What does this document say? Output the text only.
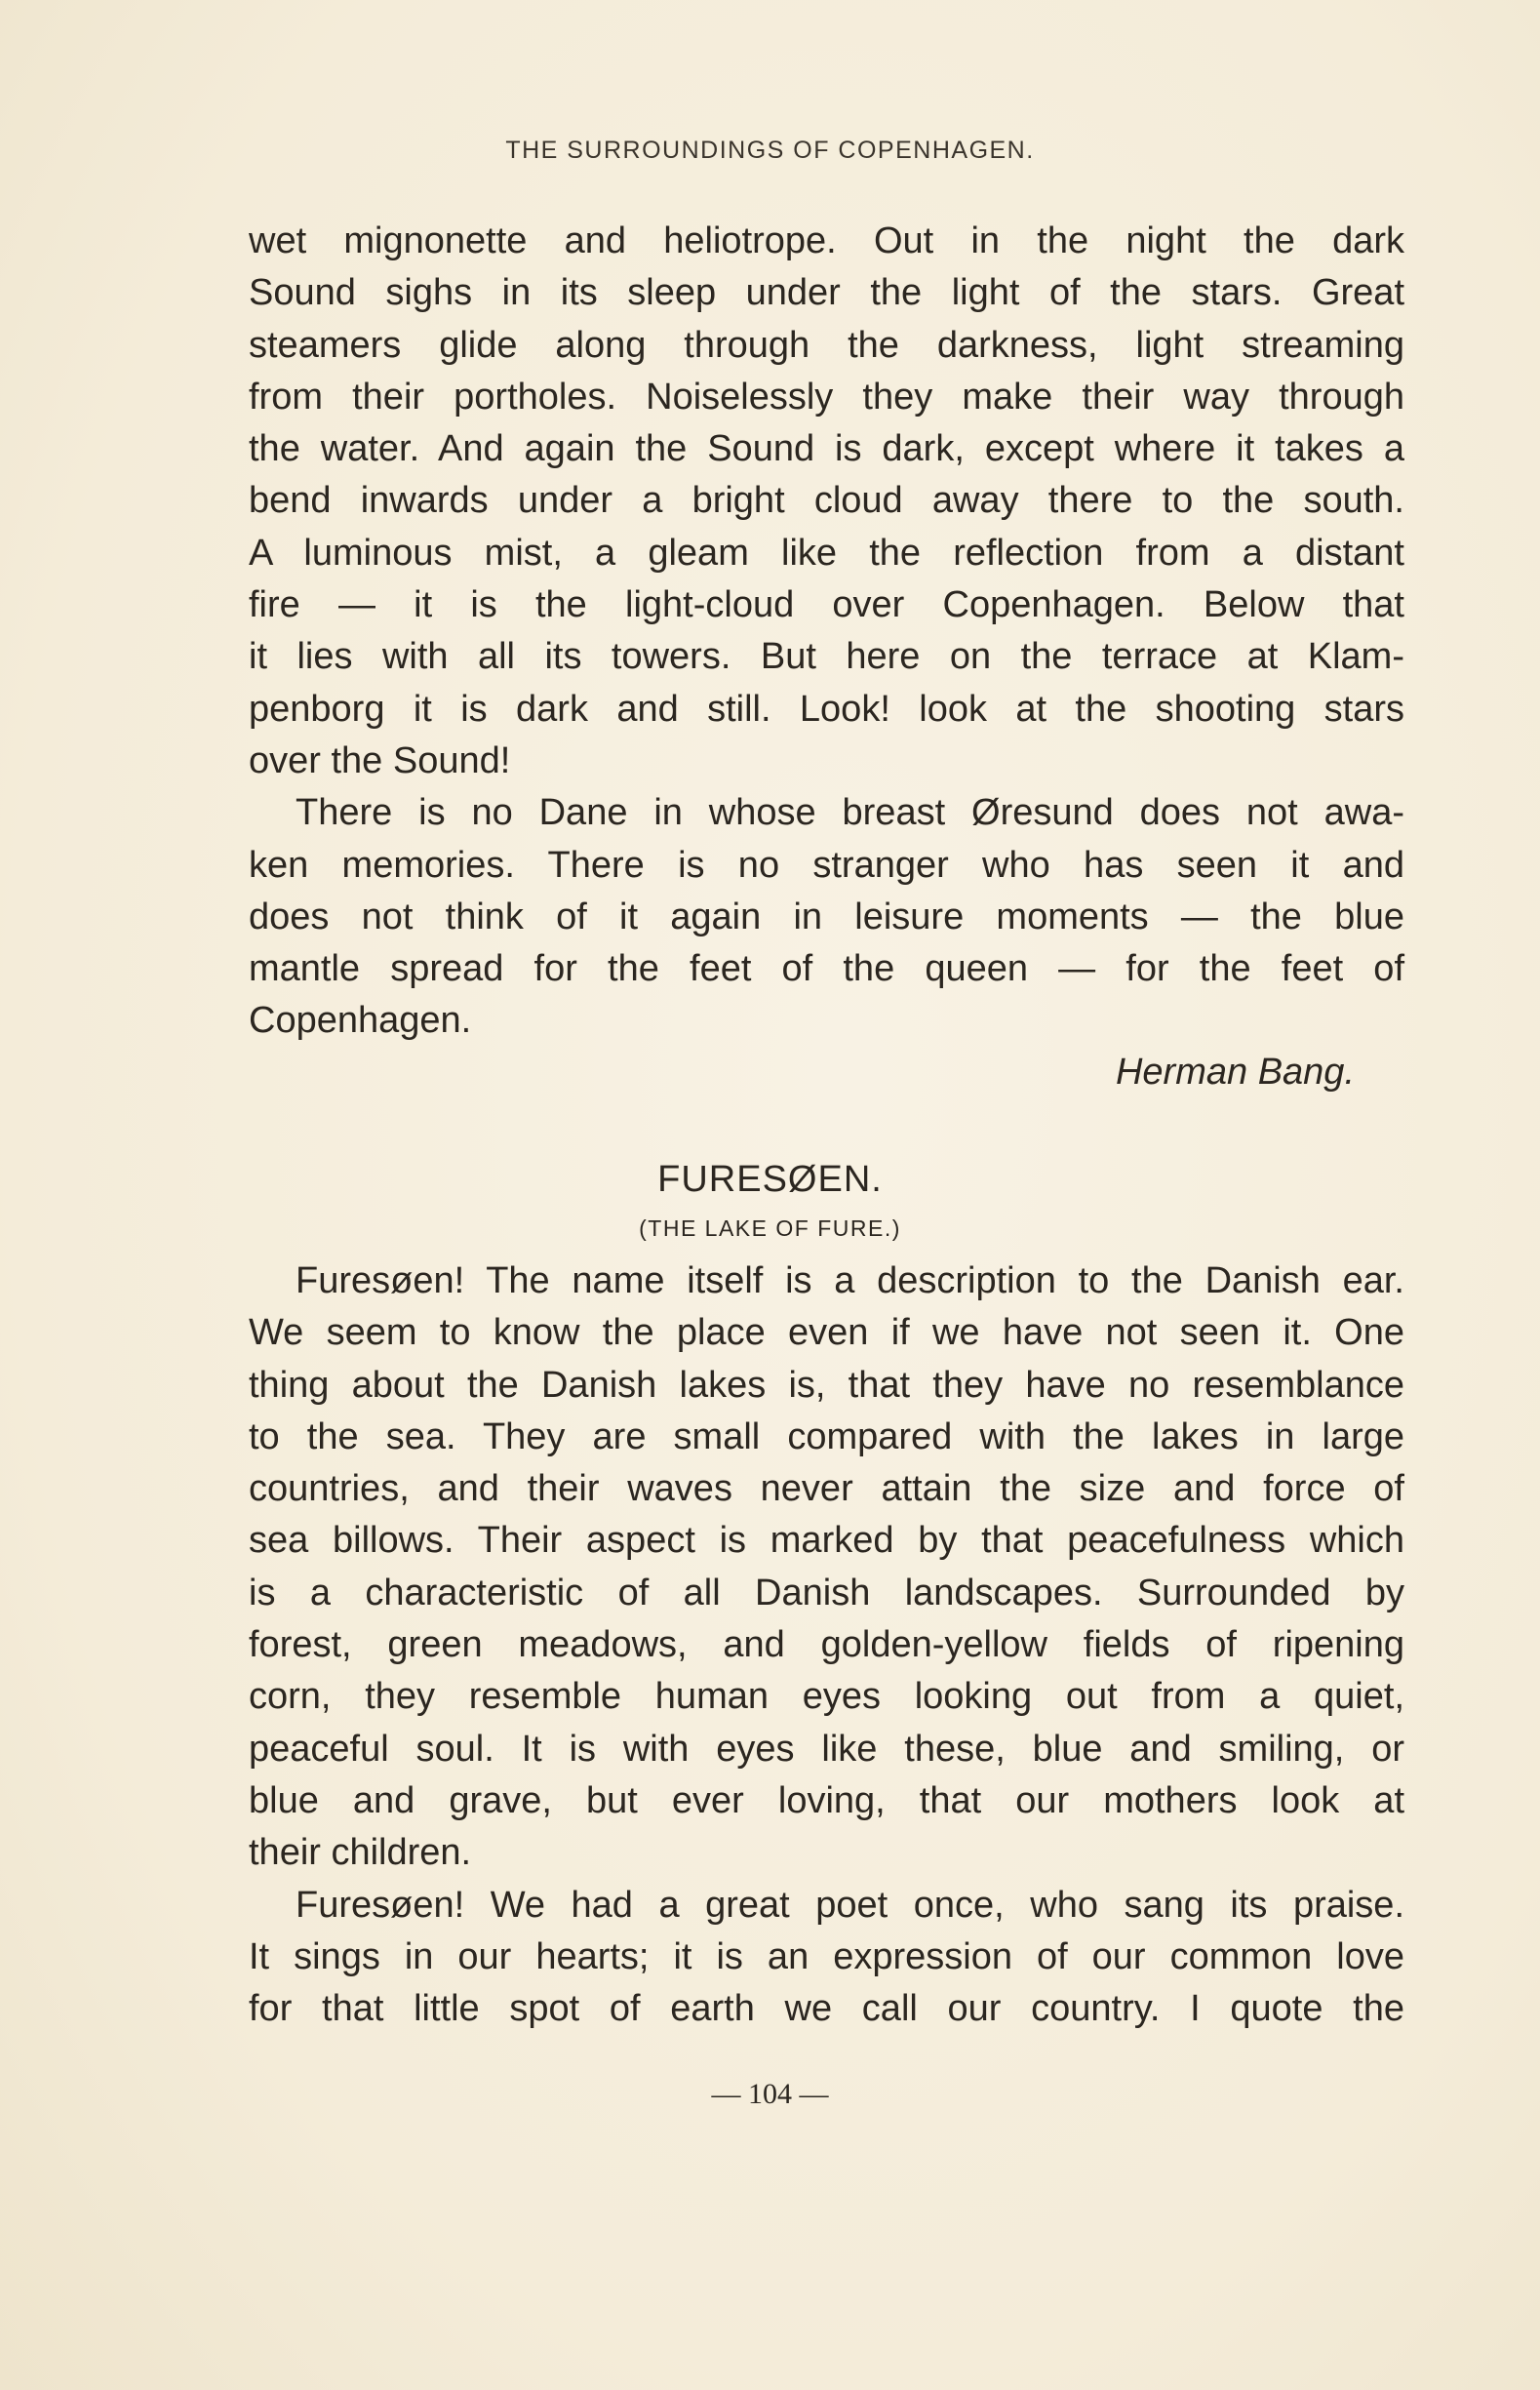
THE SURROUNDINGS OF COPENHAGEN.
wet mignonette and heliotrope. Out in the night the dark
Sound sighs in its sleep under the light of the stars. Great
steamers glide along through the darkness, light streaming
from their portholes. Noiselessly they make their way through
the water. And again the Sound is dark, except where it takes a
bend inwards under a bright cloud away there to the south.
A luminous mist, a gleam like the reflection from a distant
fire — it is the light-cloud over Copenhagen. Below that
it lies with all its towers. But here on the terrace at Klam-
penborg it is dark and still. Look! look at the shooting stars
over the Sound!
There is no Dane in whose breast Øresund does not awa-
ken memories. There is no stranger who has seen it and
does not think of it again in leisure moments — the blue
mantle spread for the feet of the queen — for the feet of
Copenhagen.
Herman Bang.
FURESØEN.
(THE LAKE OF FURE.)
Furesøen! The name itself is a description to the Danish ear.
We seem to know the place even if we have not seen it. One
thing about the Danish lakes is, that they have no resemblance
to the sea. They are small compared with the lakes in large
countries, and their waves never attain the size and force of
sea billows. Their aspect is marked by that peacefulness which
is a characteristic of all Danish landscapes. Surrounded by
forest, green meadows, and golden-yellow fields of ripening
corn, they resemble human eyes looking out from a quiet,
peaceful soul. It is with eyes like these, blue and smiling, or
blue and grave, but ever loving, that our mothers look at
their children.
Furesøen! We had a great poet once, who sang its praise.
It sings in our hearts; it is an expression of our common love
for that little spot of earth we call our country. I quote the
— 104 —
